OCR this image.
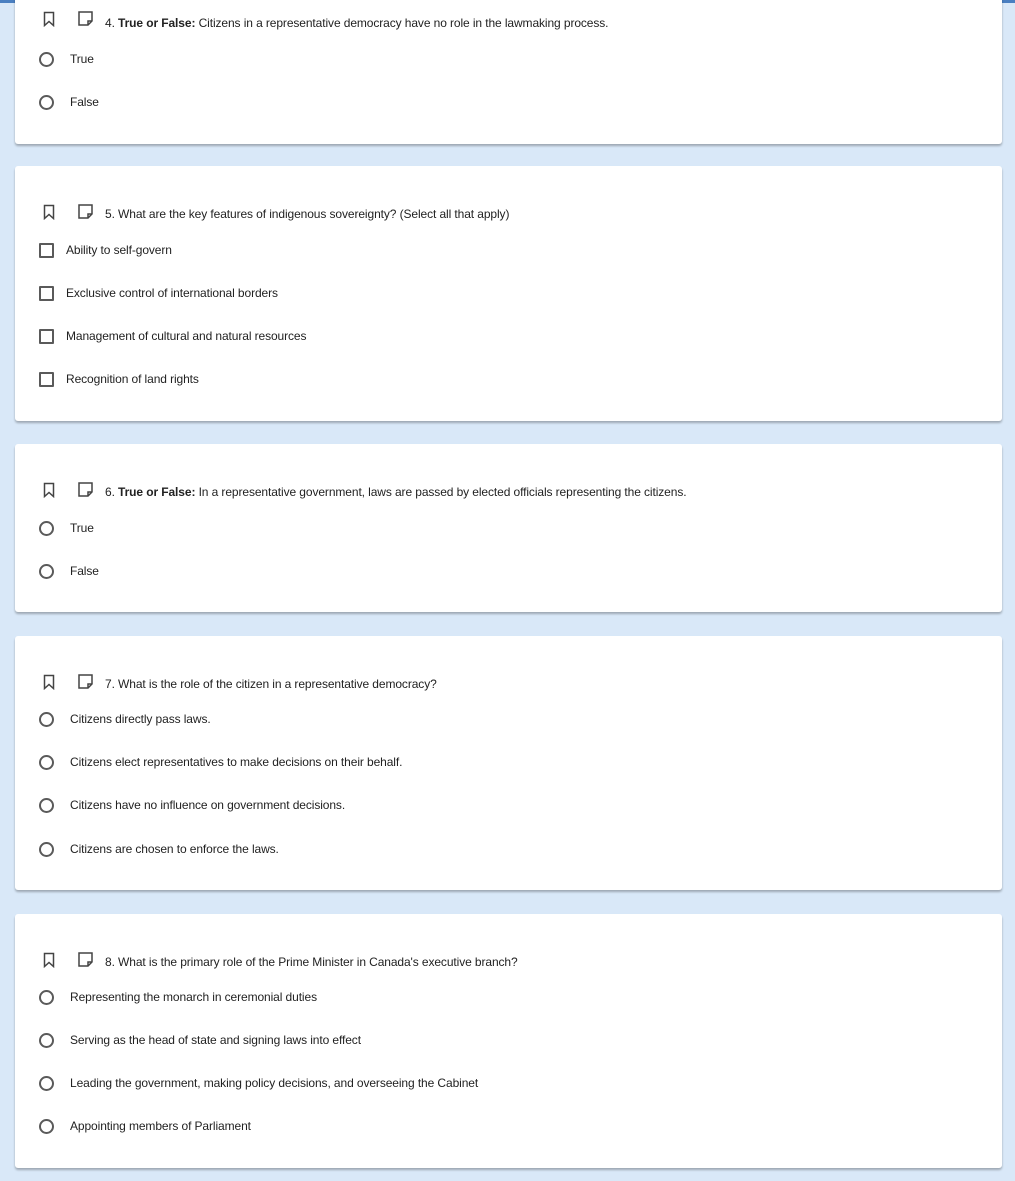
4. True or False: Citizens in a representative democracy have no role in the lawmaking process.
True
False
5. What are the key features of indigenous sovereignty? (Select all that apply)
Ability to self-govern
Exclusive control of international borders
Management of cultural and natural resources
Recognition of land rights
6. True or False: In a representative government, laws are passed by elected officials representing the citizens.
True
False
7. What is the role of the citizen in a representative democracy?
Citizens directly pass laws.
Citizens elect representatives to make decisions on their behalf.
Citizens have no influence on government decisions.
Citizens are chosen to enforce the laws.
8. What is the primary role of the Prime Minister in Canada's executive branch?
Representing the monarch in ceremonial duties
Serving as the head of state and signing laws into effect
Leading the government, making policy decisions, and overseeing the Cabinet
Appointing members of Parliament
